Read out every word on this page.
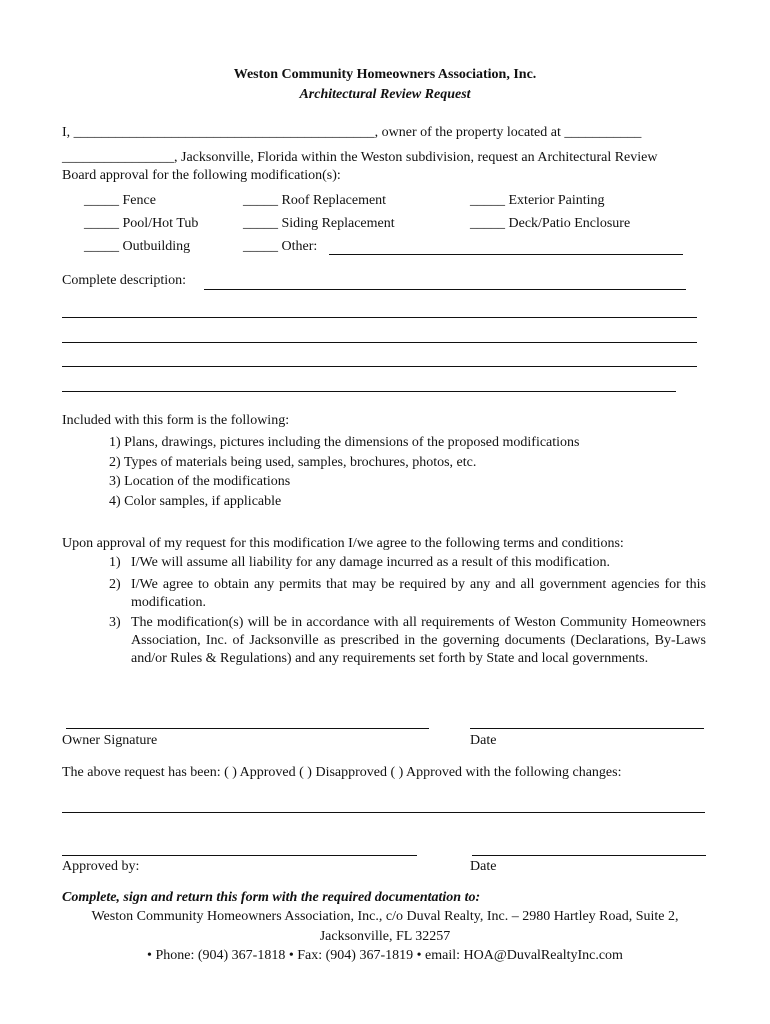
Weston Community Homeowners Association, Inc.
Architectural Review Request
I, ___________________________________________, owner of the property located at ___________
________________, Jacksonville, Florida within the Weston subdivision, request an Architectural Review
Board approval for the following modification(s):
_____ Fence
_____ Pool/Hot Tub
_____ Outbuilding
_____ Roof Replacement
_____ Siding Replacement
_____ Other:
_____ Exterior Painting
_____ Deck/Patio Enclosure
Complete description:
Included with this form is the following:
1) Plans, drawings, pictures including the dimensions of the proposed modifications
2) Types of materials being used, samples, brochures, photos, etc.
3) Location of the modifications
4) Color samples, if applicable
Upon approval of my request for this modification I/we agree to the following terms and conditions:
1) I/We will assume all liability for any damage incurred as a result of this modification.
2) I/We agree to obtain any permits that may be required by any and all government agencies for this modification.
3) The modification(s) will be in accordance with all requirements of Weston Community Homeowners Association, Inc. of Jacksonville as prescribed in the governing documents (Declarations, By-Laws and/or Rules & Regulations) and any requirements set forth by State and local governments.
Owner Signature	Date
The above request has been: ( ) Approved ( ) Disapproved ( ) Approved with the following changes:
Approved by:	Date
Complete, sign and return this form with the required documentation to:
Weston Community Homeowners Association, Inc., c/o Duval Realty, Inc. – 2980 Hartley Road, Suite 2,
Jacksonville, FL 32257
• Phone: (904) 367-1818 • Fax: (904) 367-1819 • email: HOA@DuvalRealtyInc.com
